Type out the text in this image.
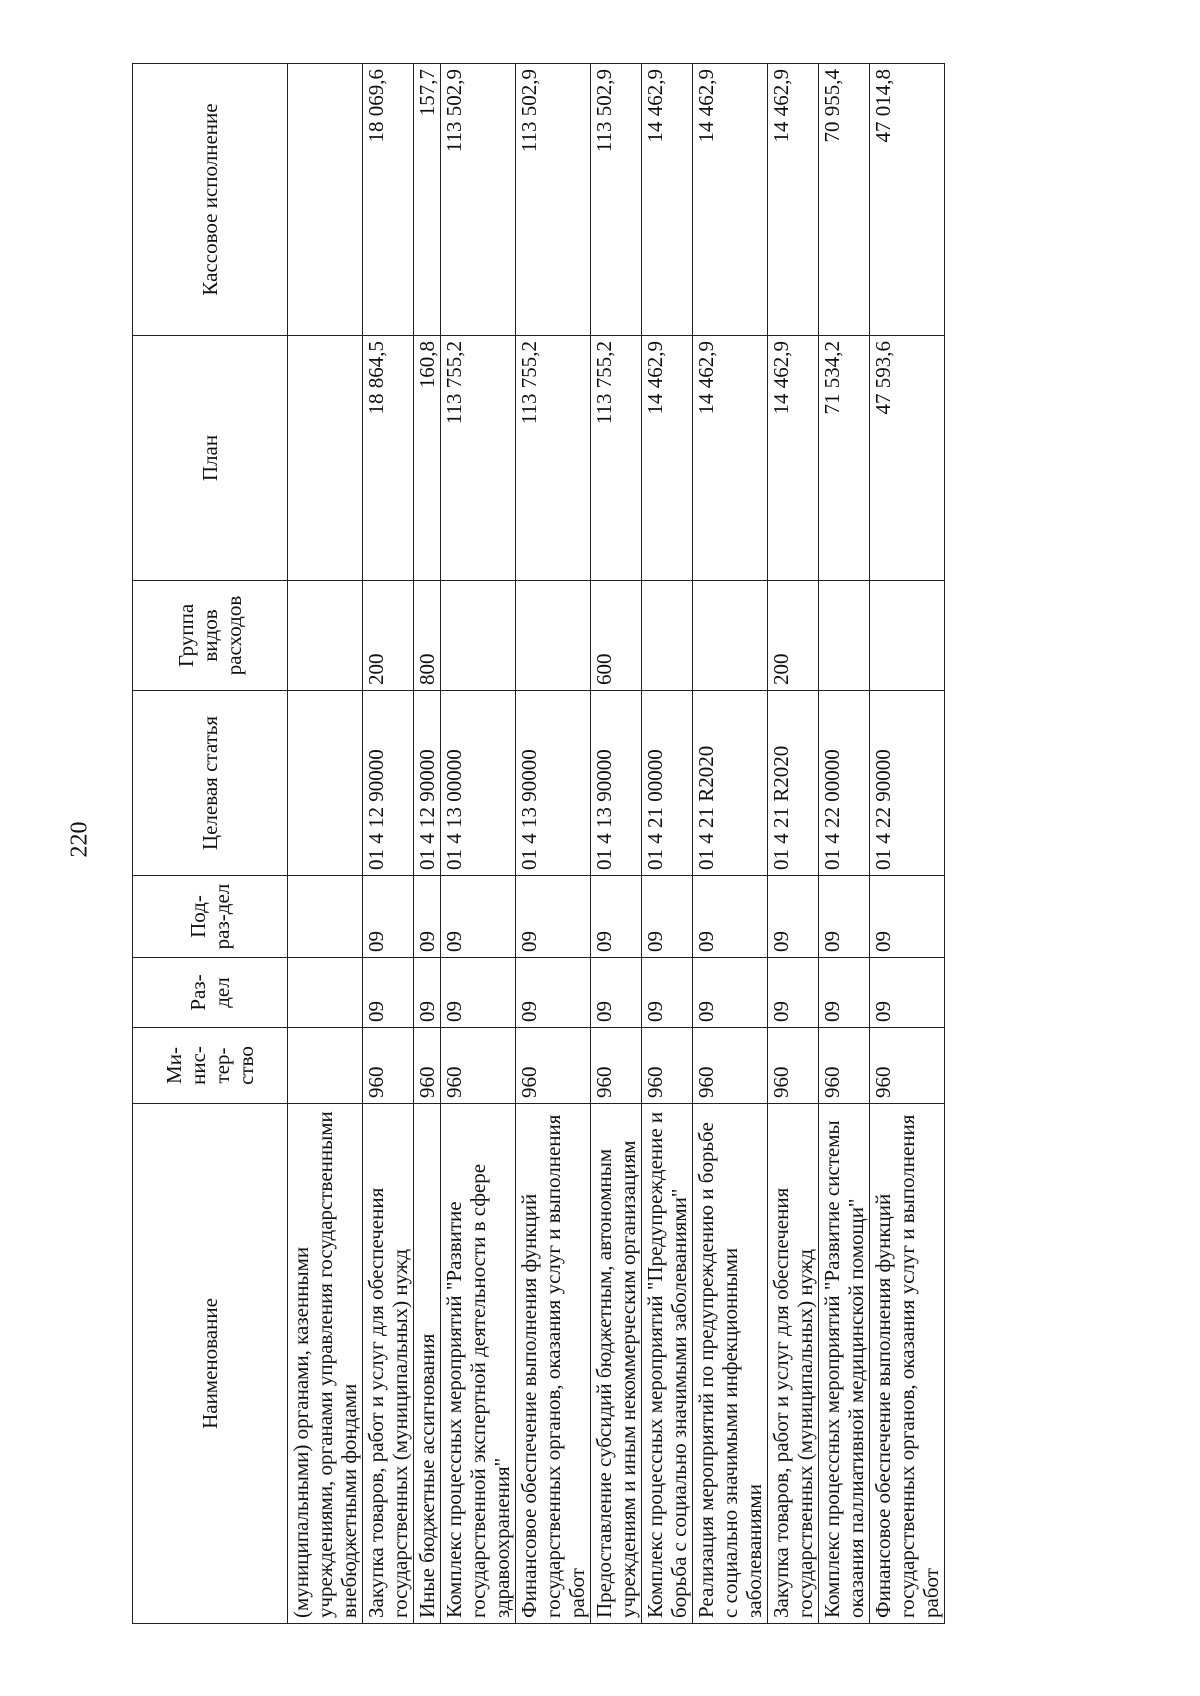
220
Наименование	Ми-нис-тер-ство	Раз-дел	Под-раз-дел	Целевая статья	Группа видов расходов	План	Кассовое исполнение
(муниципальными) органами, казенными учреждениями, органами управления государственными внебюджетными фондами							
Закупка товаров, работ и услуг для обеспечения государственных (муниципальных) нужд	960	09	09	01 4 12 90000	200	18 864,5	18 069,6
Иные бюджетные ассигнования	960	09	09	01 4 12 90000	800	160,8	157,7
Комплекс процессных мероприятий "Развитие государственной экспертной деятельности в сфере здравоохранения"	960	09	09	01 4 13 00000		113 755,2	113 502,9
Финансовое обеспечение выполнения функций государственных органов, оказания услуг и выполнения работ	960	09	09	01 4 13 90000		113 755,2	113 502,9
Предоставление субсидий бюджетным, автономным учреждениям и иным некоммерческим организациям	960	09	09	01 4 13 90000	600	113 755,2	113 502,9
Комплекс процессных мероприятий "Предупреждение и борьба с социально значимыми заболеваниями"	960	09	09	01 4 21 00000		14 462,9	14 462,9
Реализация мероприятий по предупреждению и борьбе с социально значимыми инфекционными заболеваниями	960	09	09	01 4 21 R2020		14 462,9	14 462,9
Закупка товаров, работ и услуг для обеспечения государственных (муниципальных) нужд	960	09	09	01 4 21 R2020	200	14 462,9	14 462,9
Комплекс процессных мероприятий "Развитие системы оказания паллиативной медицинской помощи"	960	09	09	01 4 22 00000		71 534,2	70 955,4
Финансовое обеспечение выполнения функций государственных органов, оказания услуг и выполнения работ	960	09	09	01 4 22 90000		47 593,6	47 014,8
